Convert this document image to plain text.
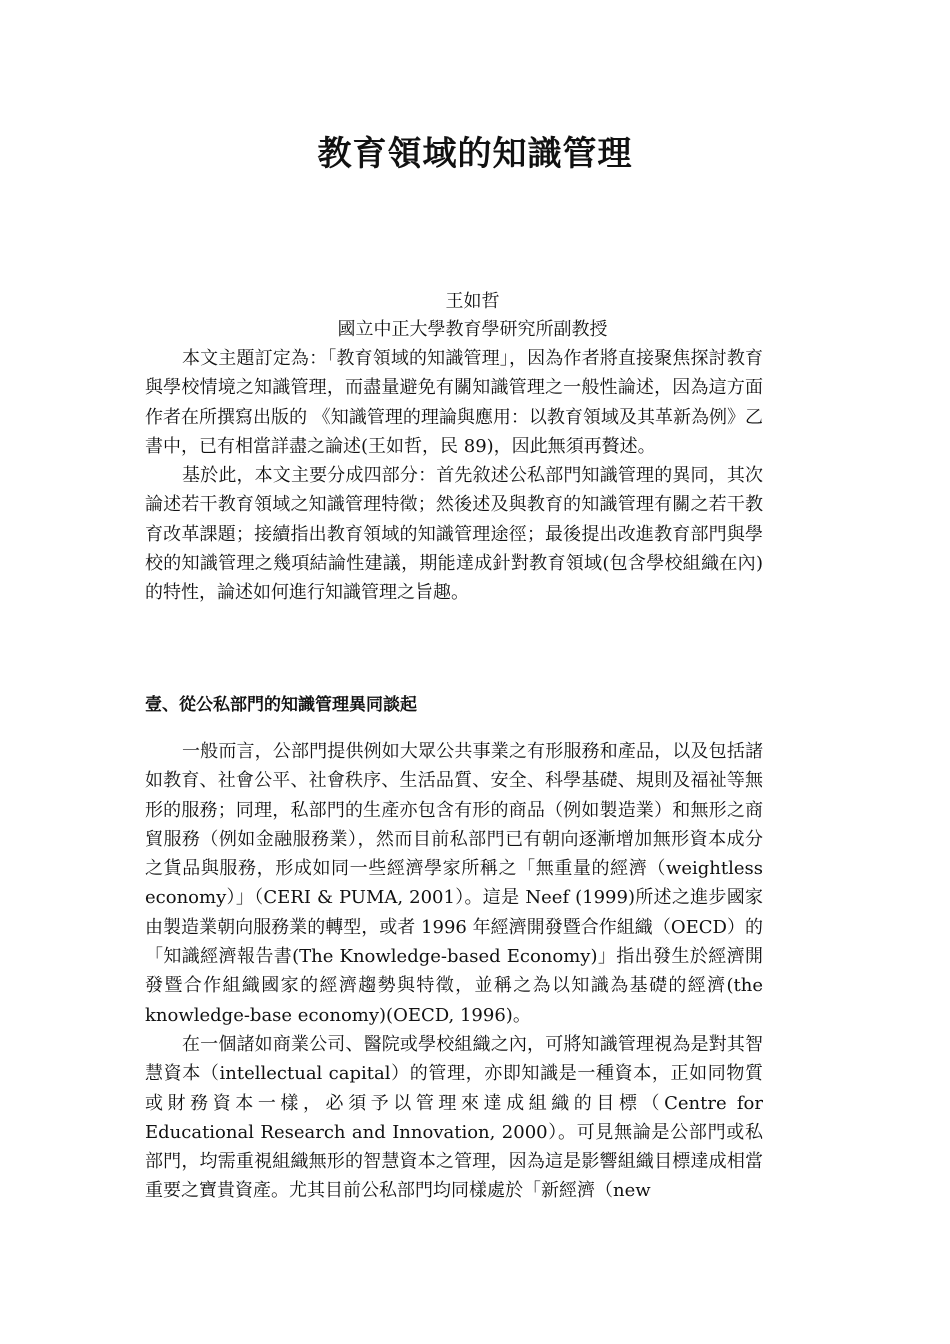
教育領域的知識管理

王如哲

國立中正大學教育學研究所副教授

本文主題訂定為：「教育領域的知識管理」，因為作者將直接聚焦探討教育與學校情境之知識管理，而盡量避免有關知識管理之一般性論述，因為這方面作者在所撰寫出版的 《知識管理的理論與應用：以教育領域及其革新為例》乙書中，已有相當詳盡之論述(王如哲，民 89)，因此無須再贅述。

基於此，本文主要分成四部分：首先敘述公私部門知識管理的異同，其次論述若干教育領域之知識管理特徵；然後述及與教育的知識管理有關之若干教育改革課題；接續指出教育領域的知識管理途徑；最後提出改進教育部門與學校的知識管理之幾項結論性建議，期能達成針對教育領域(包含學校組織在內)的特性，論述如何進行知識管理之旨趣。

壹、從公私部門的知識管理異同談起

一般而言，公部門提供例如大眾公共事業之有形服務和產品，以及包括諸如教育、社會公平、社會秩序、生活品質、安全、科學基礎、規則及福祉等無形的服務；同理，私部門的生產亦包含有形的商品（例如製造業）和無形之商貿服務（例如金融服務業），然而目前私部門已有朝向逐漸增加無形資本成分之貨品與服務，形成如同一些經濟學家所稱之「無重量的經濟（weightless economy）」（CERI & PUMA, 2001）。這是 Neef (1999)所述之進步國家由製造業朝向服務業的轉型，或者 1996 年經濟開發暨合作組織（OECD）的「知識經濟報告書(The Knowledge-based Economy)」指出發生於經濟開發暨合作組織國家的經濟趨勢與特徵，並稱之為以知識為基礎的經濟(the knowledge-base economy)(OECD, 1996)。

在一個諸如商業公司、醫院或學校組織之內，可將知識管理視為是對其智慧資本（intellectual capital）的管理，亦即知識是一種資本，正如同物質或財務資本一樣，必須予以管理來達成組織的目標（Centre for Educational Research and Innovation, 2000）。可見無論是公部門或私部門，均需重視組織無形的智慧資本之管理，因為這是影響組織目標達成相當重要之寶貴資產。尤其目前公私部門均同樣處於「新經濟（new
